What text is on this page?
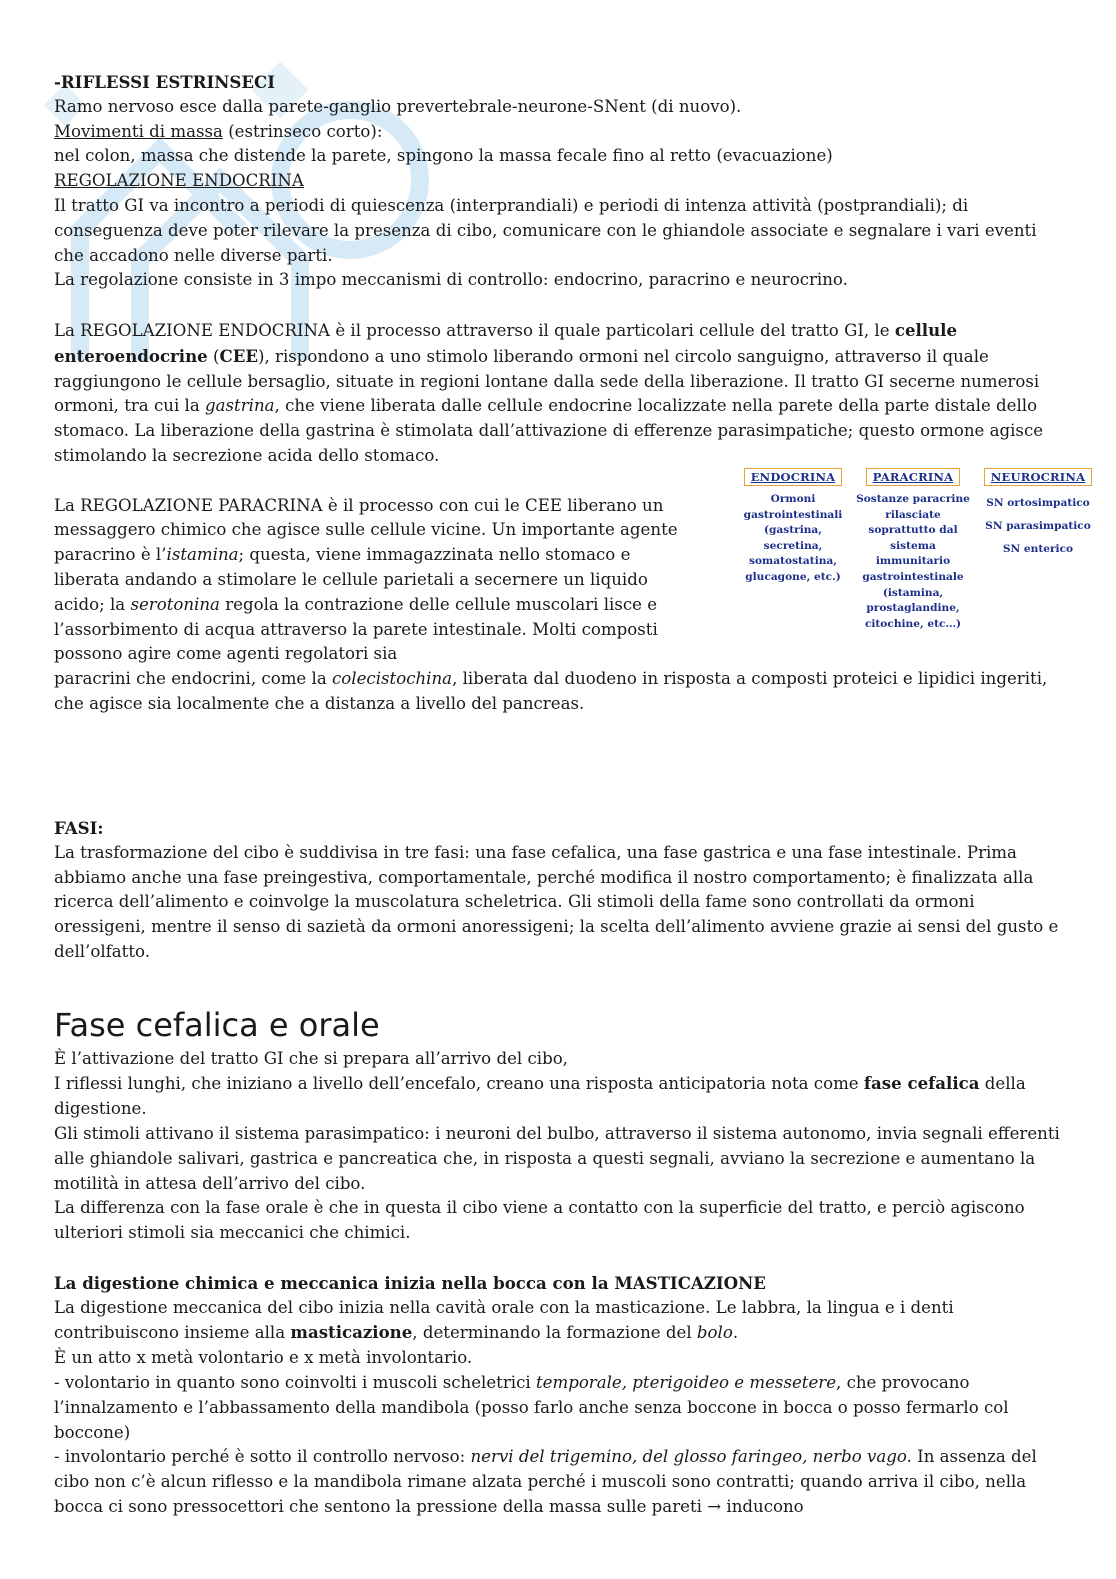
-RIFLESSI ESTRINSECI

Ramo nervoso esce dalla parete-ganglio prevertebrale-neurone-SNent (di nuovo).

Movimenti di massa (estrinseco corto):

nel colon, massa che distende la parete, spingono la massa fecale fino al retto (evacuazione)

REGOLAZIONE ENDOCRINA

Il tratto GI va incontro a periodi di quiescenza (interprandiali) e periodi di intenza attività (postprandiali); di conseguenza deve poter rilevare la presenza di cibo, comunicare con le ghiandole associate e segnalare i vari eventi che accadono nelle diverse parti.

La regolazione consiste in 3 impo meccanismi di controllo: endocrino, paracrino e neurocrino.

La REGOLAZIONE ENDOCRINA è il processo attraverso il quale particolari cellule del tratto GI, le cellule enteroendocrine (CEE), rispondono a uno stimolo liberando ormoni nel circolo sanguigno, attraverso il quale raggiungono le cellule bersaglio, situate in regioni lontane dalla sede della liberazione. Il tratto GI secerne numerosi ormoni, tra cui la gastrina, che viene liberata dalle cellule endocrine localizzate nella parete della parte distale dello stomaco. La liberazione della gastrina è stimolata dall’attivazione di efferenze parasimpatiche; questo ormone agisce stimolando la secrezione acida dello stomaco.

La REGOLAZIONE PARACRINA è il processo con cui le CEE liberano un messaggero chimico che agisce sulle cellule vicine. Un importante agente paracrino è l’istamina; questa, viene immagazzinata nello stomaco e liberata andando a stimolare le cellule parietali a secernere un liquido acido; la serotonina regola la contrazione delle cellule muscolari lisce e l’assorbimento di acqua attraverso la parete intestinale. Molti composti possono agire come agenti regolatori sia

paracrini che endocrini, come la colecistochina, liberata dal duodeno in risposta a composti proteici e lipidici ingeriti, che agisce sia localmente che a distanza a livello del pancreas.

FASI:

La trasformazione del cibo è suddivisa in tre fasi: una fase cefalica, una fase gastrica e una fase intestinale. Prima abbiamo anche una fase preingestiva, comportamentale, perché modifica il nostro comportamento; è finalizzata alla ricerca dell’alimento e coinvolge la muscolatura scheletrica. Gli stimoli della fame sono controllati da ormoni oressigeni, mentre il senso di sazietà da ormoni anoressigeni; la scelta dell’alimento avviene grazie ai sensi del gusto e dell’olfatto.

Fase cefalica e orale

È l’attivazione del tratto GI che si prepara all’arrivo del cibo,

I riflessi lunghi, che iniziano a livello dell’encefalo, creano una risposta anticipatoria nota come fase cefalica della digestione.

Gli stimoli attivano il sistema parasimpatico: i neuroni del bulbo, attraverso il sistema autonomo, invia segnali efferenti alle ghiandole salivari, gastrica e pancreatica che, in risposta a questi segnali, avviano la secrezione e aumentano la motilità in attesa dell’arrivo del cibo.

La differenza con la fase orale è che in questa il cibo viene a contatto con la superficie del tratto, e perciò agiscono ulteriori stimoli sia meccanici che chimici.

La digestione chimica e meccanica inizia nella bocca con la MASTICAZIONE

La digestione meccanica del cibo inizia nella cavità orale con la masticazione. Le labbra, la lingua e i denti contribuiscono insieme alla masticazione, determinando la formazione del bolo.

È un atto x metà volontario e x metà involontario.

- volontario in quanto sono coinvolti i muscoli scheletrici temporale, pterigoideo e messetere, che provocano l’innalzamento e l’abbassamento della mandibola (posso farlo anche senza boccone in bocca o posso fermarlo col boccone)

- involontario perché è sotto il controllo nervoso: nervi del trigemino, del glosso faringeo, nerbo vago. In assenza del cibo non c’è alcun riflesso e la mandibola rimane alzata perché i muscoli sono contratti; quando arriva il cibo, nella bocca ci sono pressocettori che sentono la pressione della massa sulle pareti → inducono

ENDOCRINA
Ormoni
gastrointestinali
(gastrina,
secretina,
somatostatina,
glucagone, etc.)
PARACRINA
Sostanze paracrine
rilasciate
soprattutto dal
sistema
immunitario
gastrointestinale
(istamina,
prostaglandine,
citochine, etc…)
NEUROCRINA
SN ortosimpatico
SN parasimpatico
SN enterico
